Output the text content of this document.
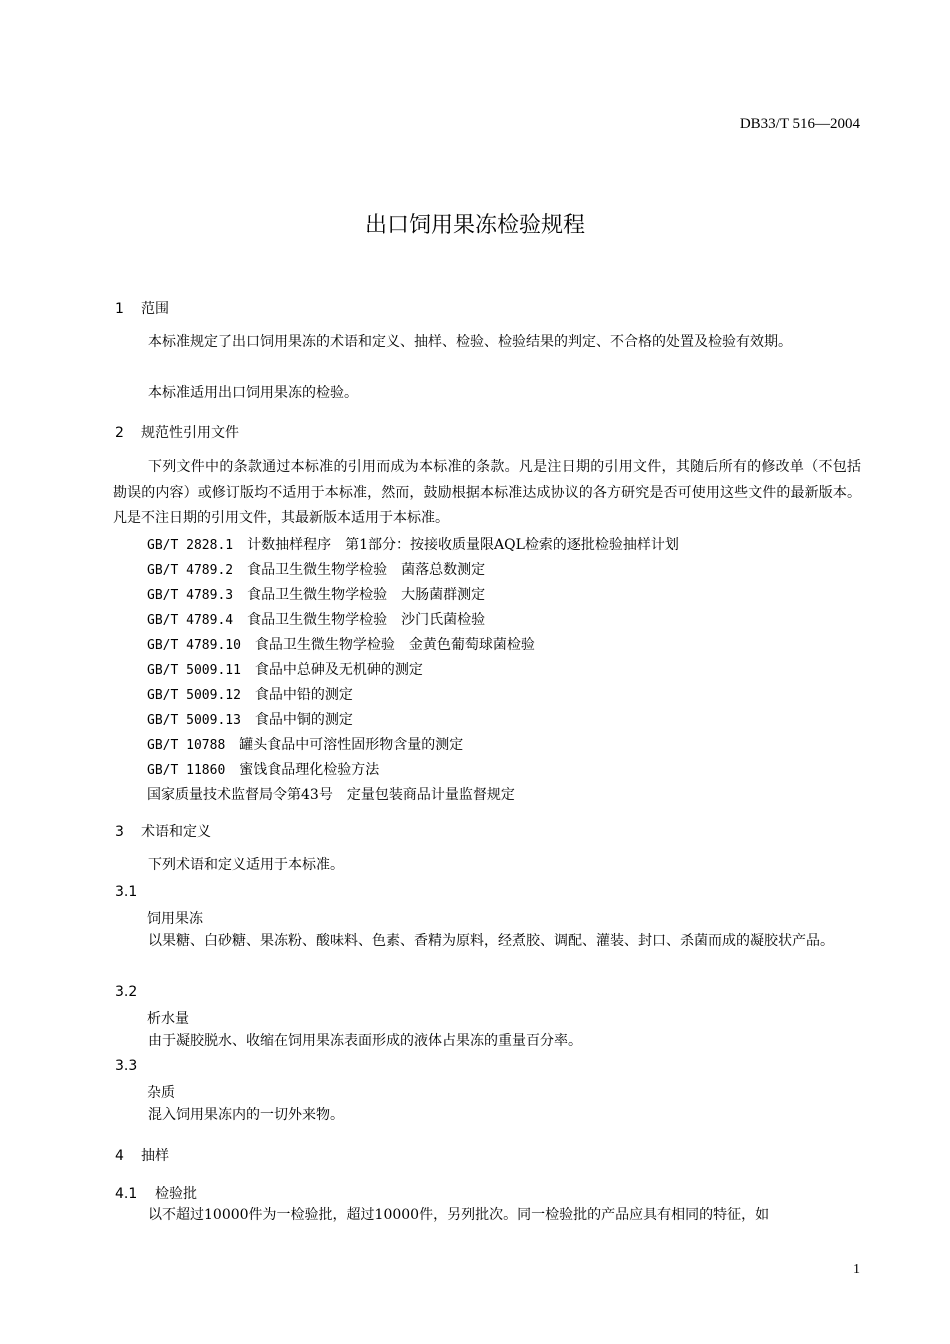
DB33/T 516—2004
出口饲用果冻检验规程
1 范围
本标准规定了出口饲用果冻的术语和定义、抽样、检验、检验结果的判定、不合格的处置及检验有效期。
本标准适用出口饲用果冻的检验。
2 规范性引用文件
下列文件中的条款通过本标准的引用而成为本标准的条款。凡是注日期的引用文件，其随后所有的修改单（不包括勘误的内容）或修订版均不适用于本标准，然而，鼓励根据本标准达成协议的各方研究是否可使用这些文件的最新版本。凡是不注日期的引用文件，其最新版本适用于本标准。
GB/T 2828.1 计数抽样程序　第1部分：按接收质量限AQL检索的逐批检验抽样计划
GB/T 4789.2 食品卫生微生物学检验　菌落总数测定
GB/T 4789.3 食品卫生微生物学检验　大肠菌群测定
GB/T 4789.4 食品卫生微生物学检验　沙门氏菌检验
GB/T 4789.10 食品卫生微生物学检验　金黄色葡萄球菌检验
GB/T 5009.11 食品中总砷及无机砷的测定
GB/T 5009.12 食品中铅的测定
GB/T 5009.13 食品中铜的测定
GB/T 10788 罐头食品中可溶性固形物含量的测定
GB/T 11860 蜜饯食品理化检验方法
国家质量技术监督局令第43号　定量包装商品计量监督规定
3 术语和定义
下列术语和定义适用于本标准。
3.1
饲用果冻
以果糖、白砂糖、果冻粉、酸味料、色素、香精为原料，经煮胶、调配、灌装、封口、杀菌而成的凝胶状产品。
3.2
析水量
由于凝胶脱水、收缩在饲用果冻表面形成的液体占果冻的重量百分率。
3.3
杂质
混入饲用果冻内的一切外来物。
4 抽样
4.1 检验批
以不超过10000件为一检验批，超过10000件，另列批次。同一检验批的产品应具有相同的特征，如
1
